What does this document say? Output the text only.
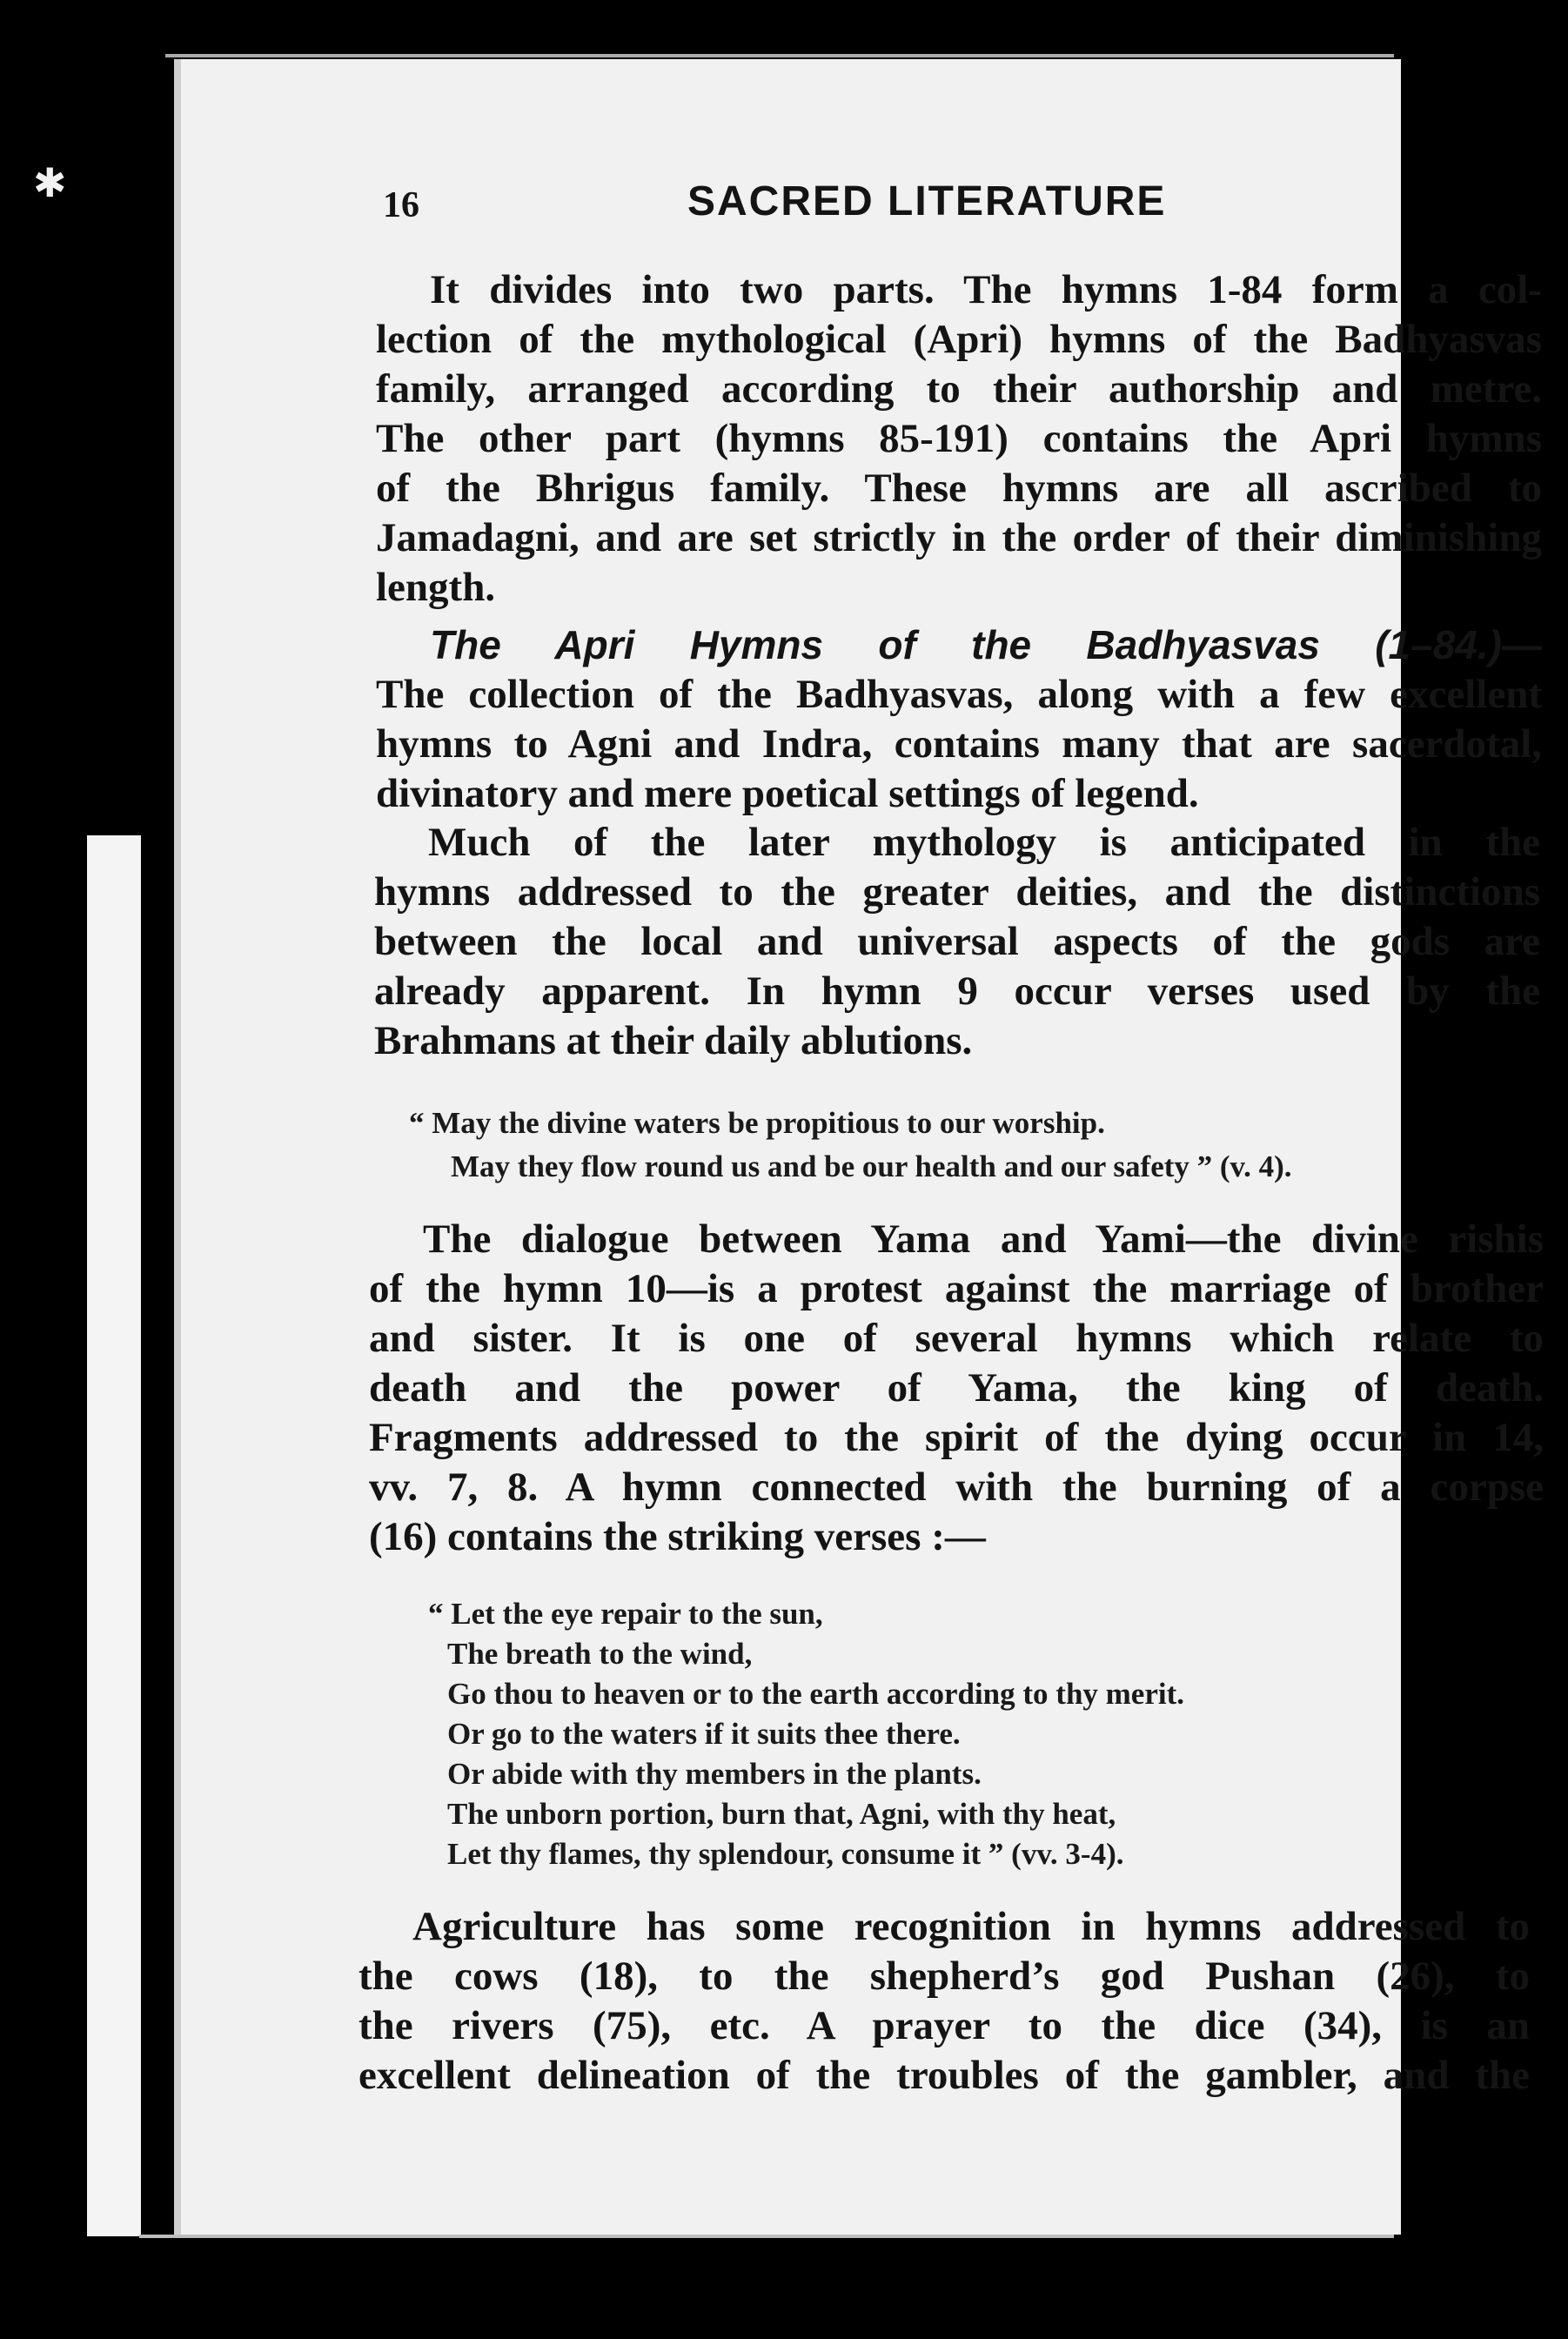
✱	16	SACRED LITERATURE
It divides into two parts. The hymns 1-84 form a col-
lection of the mythological (Apri) hymns of the Badhyasvas
family, arranged according to their authorship and metre.
The other part (hymns 85-191) contains the Apri hymns
of the Bhrigus family. These hymns are all ascribed to
Jamadagni, and are set strictly in the order of their diminishing
length.
The Apri Hymns of the Badhyasvas (1–84.)—
The collection of the Badhyasvas, along with a few excellent
hymns to Agni and Indra, contains many that are sacerdotal,
divinatory and mere poetical settings of legend.
Much of the later mythology is anticipated in the
hymns addressed to the greater deities, and the distinctions
between the local and universal aspects of the gods are
already apparent. In hymn 9 occur verses used by the
Brahmans at their daily ablutions.
“ May the divine waters be propitious to our worship.
May they flow round us and be our health and our safety ” (v. 4).
The dialogue between Yama and Yami—the divine rishis
of the hymn 10—is a protest against the marriage of brother
and sister. It is one of several hymns which relate to
death and the power of Yama, the king of death.
Fragments addressed to the spirit of the dying occur in 14,
vv. 7, 8. A hymn connected with the burning of a corpse
(16) contains the striking verses :—
“ Let the eye repair to the sun,
The breath to the wind,
Go thou to heaven or to the earth according to thy merit.
Or go to the waters if it suits thee there.
Or abide with thy members in the plants.
The unborn portion, burn that, Agni, with thy heat,
Let thy flames, thy splendour, consume it ” (vv. 3-4).
Agriculture has some recognition in hymns addressed to
the cows (18), to the shepherd’s god Pushan (26), to
the rivers (75), etc. A prayer to the dice (34), is an
excellent delineation of the troubles of the gambler, and the
